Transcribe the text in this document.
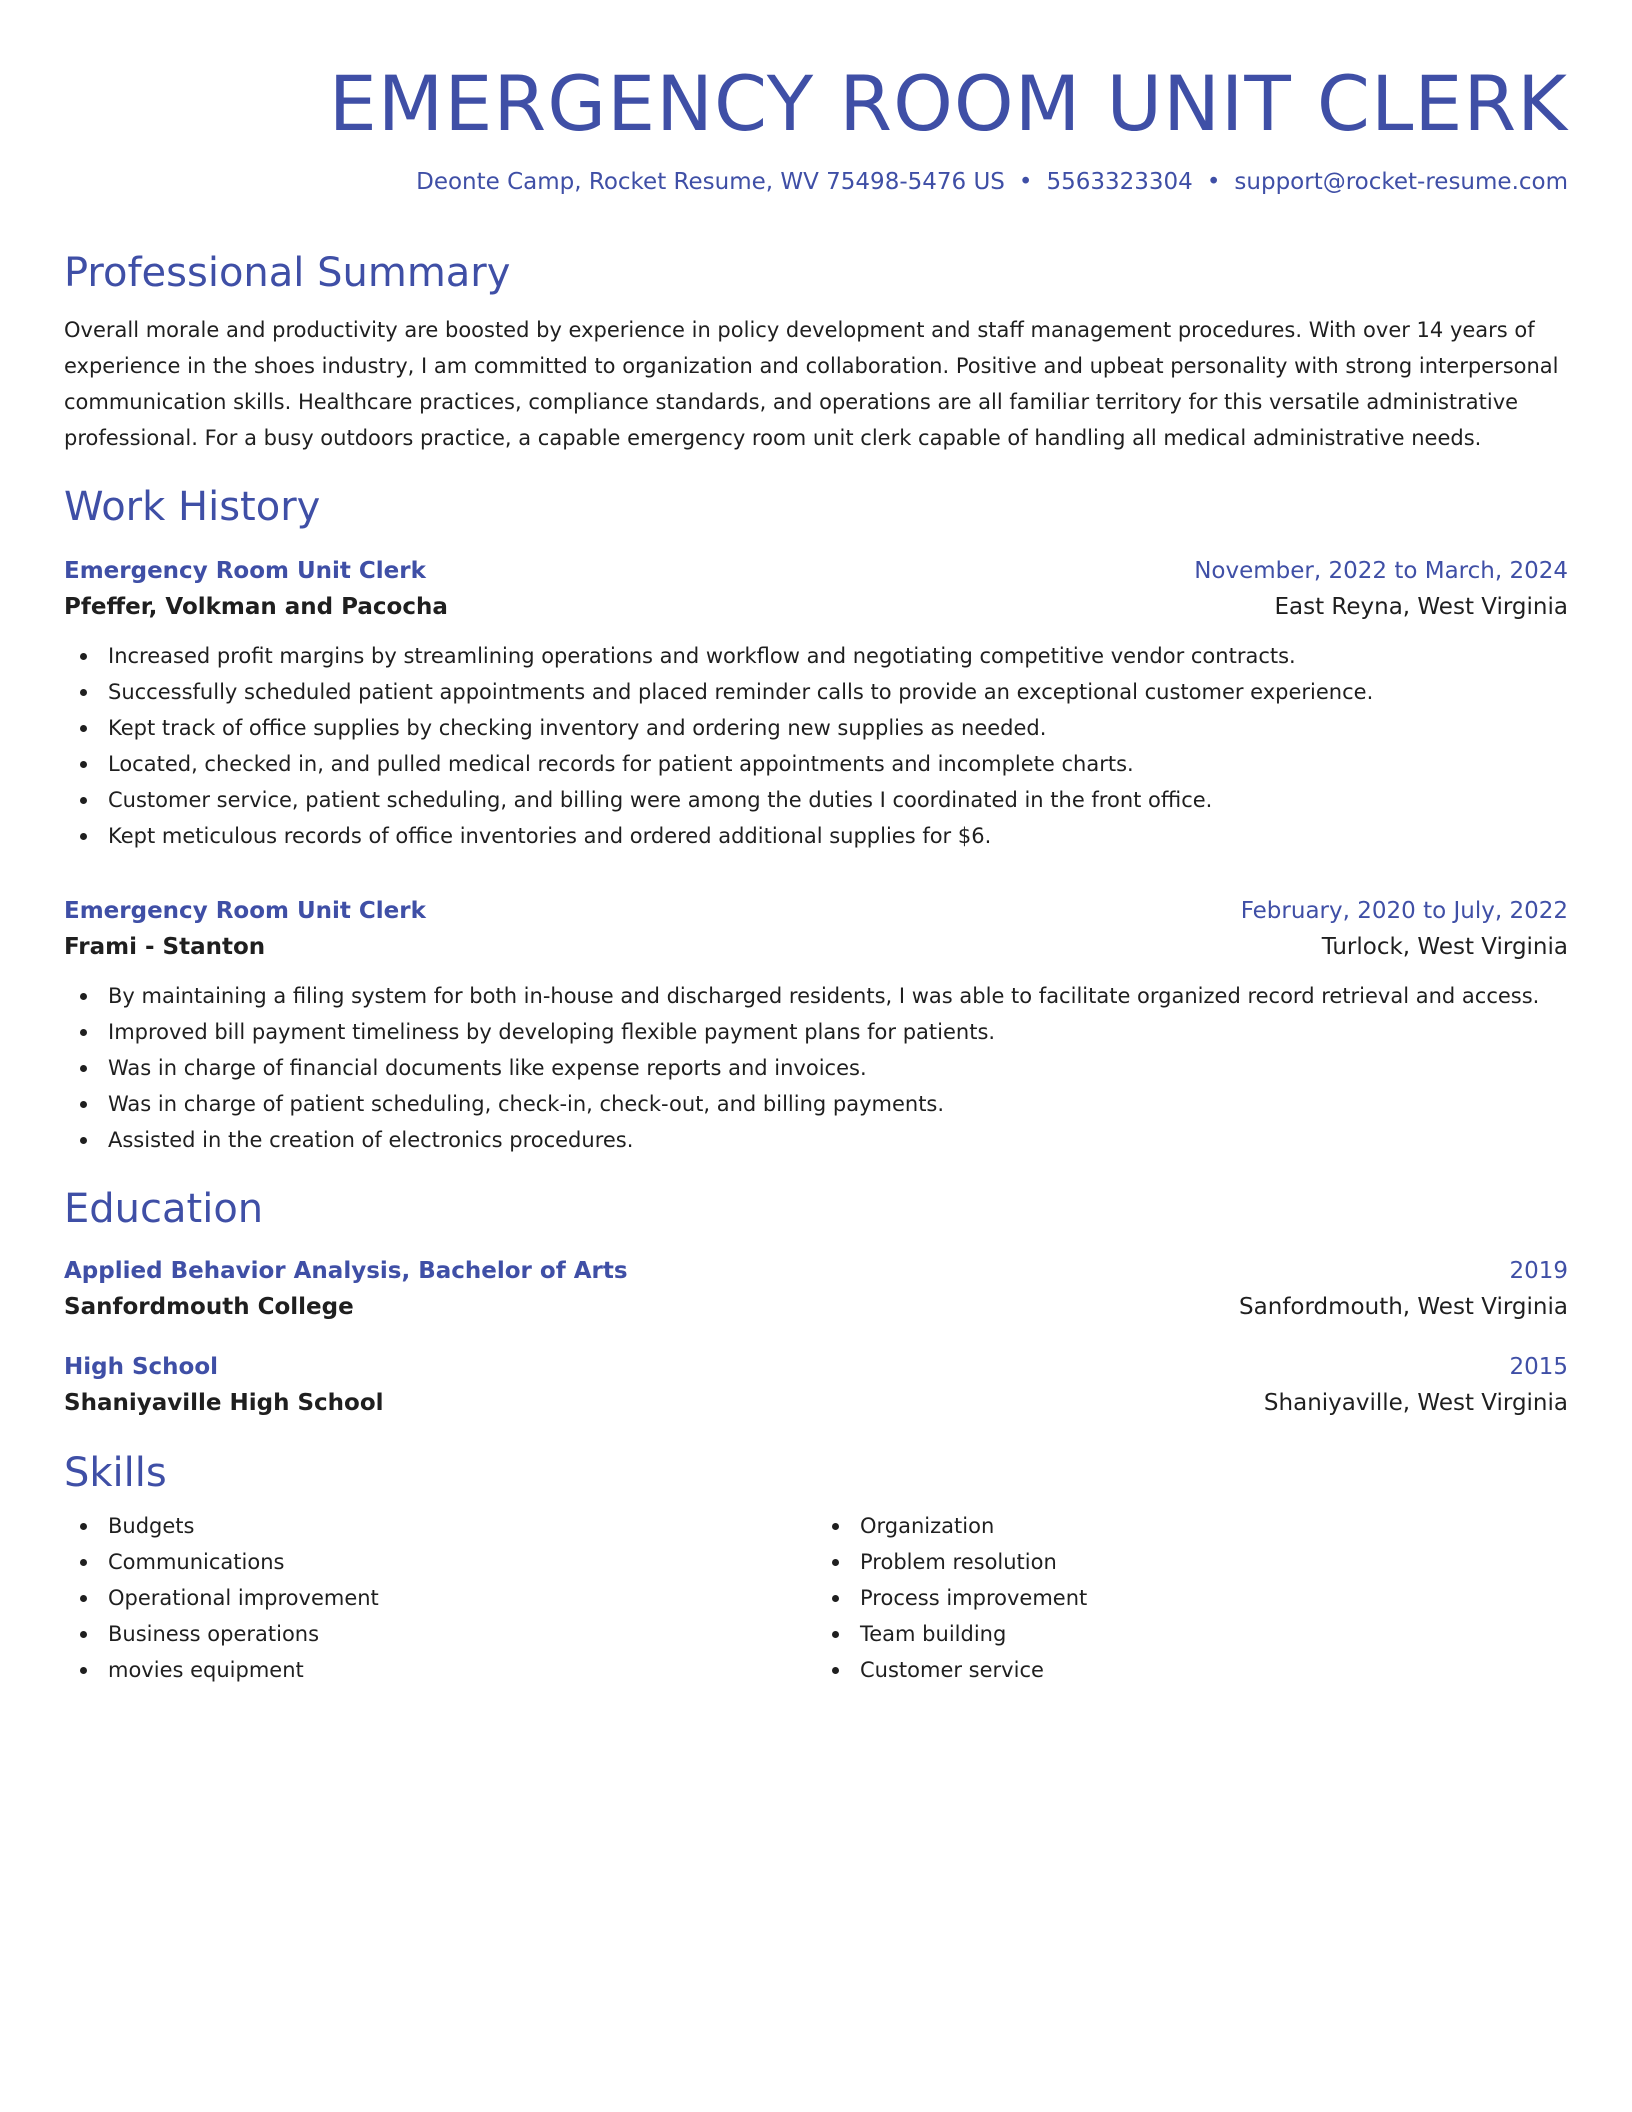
EMERGENCY ROOM UNIT CLERK
Deonte Camp, Rocket Resume, WV 75498-5476 US • 5563323304 • support@rocket-resume.com
Professional Summary

Overall morale and productivity are boosted by experience in policy development and staff management procedures. With over 14 years of experience in the shoes industry, I am committed to organization and collaboration. Positive and upbeat personality with strong interpersonal communication skills. Healthcare practices, compliance standards, and operations are all familiar territory for this versatile administrative professional. For a busy outdoors practice, a capable emergency room unit clerk capable of handling all medical administrative needs.

Work History
Emergency Room Unit Clerk	November, 2022 to March, 2024
Pfeffer, Volkman and Pacocha	East Reyna, West Virginia
Increased profit margins by streamlining operations and workflow and negotiating competitive vendor contracts.
Successfully scheduled patient appointments and placed reminder calls to provide an exceptional customer experience.
Kept track of office supplies by checking inventory and ordering new supplies as needed.
Located, checked in, and pulled medical records for patient appointments and incomplete charts.
Customer service, patient scheduling, and billing were among the duties I coordinated in the front office.
Kept meticulous records of office inventories and ordered additional supplies for $6.
Emergency Room Unit Clerk	February, 2020 to July, 2022
Frami - Stanton	Turlock, West Virginia
By maintaining a filing system for both in-house and discharged residents, I was able to facilitate organized record retrieval and access.
Improved bill payment timeliness by developing flexible payment plans for patients.
Was in charge of financial documents like expense reports and invoices.
Was in charge of patient scheduling, check-in, check-out, and billing payments.
Assisted in the creation of electronics procedures.
Education
Applied Behavior Analysis, Bachelor of Arts	2019
Sanfordmouth College	Sanfordmouth, West Virginia
High School	2015
Shaniyaville High School	Shaniyaville, West Virginia
Skills
Budgets
Communications
Operational improvement
Business operations
movies equipment
Organization
Problem resolution
Process improvement
Team building
Customer service
